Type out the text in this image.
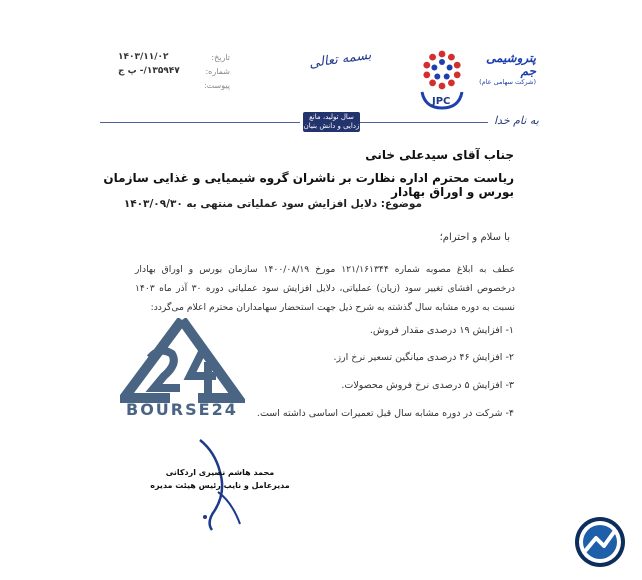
۱۴۰۳/۱۱/۰۲	تاریخ:
۱۳۵۹۴۷/- پ ج	شماره:
پیوست:
بسمه تعالی	پتروشیمی جم
(شرکت سهامی عام)
JPC
سال تولید، مانع زدایی و دانش بنیان	به نام خدا
جناب آقای سیدعلی خانی
ریاست محترم اداره نظارت بر ناشران گروه شیمیایی و غذایی سازمان بورس و اوراق بهادار
موضوع: دلایل افزایش سود عملیاتی منتهی به ۱۴۰۳/۰۹/۳۰
با سلام و احترام؛
عطف به ابلاغ مصوبه شماره ۱۲۱/۱۶۱۳۴۴ مورخ ۱۴۰۰/۰۸/۱۹ سازمان بورس و اوراق بهادار درخصوص افشای تغییر سود (زیان) عملیاتی، دلایل افزایش سود عملیاتی دوره ۳۰ آذر ماه ۱۴۰۳ نسبت به دوره مشابه سال گذشته به شرح ذیل جهت استحضار سهامداران محترم اعلام می‌گردد:
۱- افزایش ۱۹ درصدی مقدار فروش.
۲- افزایش ۴۶ درصدی میانگین تسعیر نرخ ارز.
۳- افزایش ۵ درصدی نرخ فروش محصولات.
۴- شرکت در دوره مشابه سال قبل تعمیرات اساسی داشته است.
BOURSE24
محمد هاشم نصیری اردکانی
مدیرعامل و نایب رئیس هیئت مدیره
